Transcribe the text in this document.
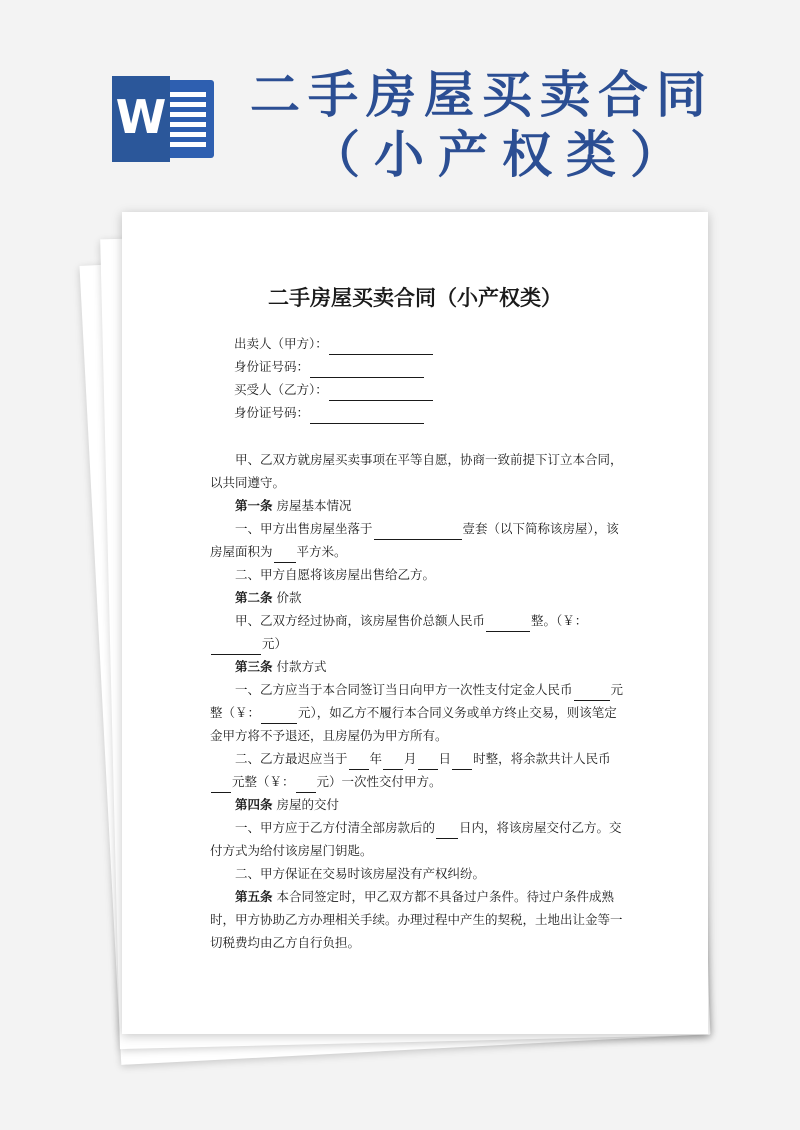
W 二手房屋买卖合同
（小产权类）
二手房屋买卖合同（小产权类）
出卖人（甲方）：
身份证号码：
买受人（乙方）：
身份证号码：

甲、乙双方就房屋买卖事项在平等自愿，协商一致前提下订立本合同，以共同遵守。

第一条 房屋基本情况

一、甲方出售房屋坐落于	壹套（以下简称该房屋），该房屋面积为 平方米。

二、甲方自愿将该房屋出售给乙方。

第二条 价款

甲、乙双方经过协商，该房屋售价总额人民币	整。（￥：元）

第三条 付款方式

一、乙方应当于本合同签订当日向甲方一次性支付定金人民币	元整（￥：	元），如乙方不履行本合同义务或单方终止交易，则该笔定金甲方将不予退还，且房屋仍为甲方所有。

二、乙方最迟应当于 年 月 日 时整，将余款共计人民币元整（￥： 元）一次性交付甲方。

第四条 房屋的交付

一、甲方应于乙方付清全部房款后的 日内，将该房屋交付乙方。交付方式为给付该房屋门钥匙。

二、甲方保证在交易时该房屋没有产权纠纷。

第五条 本合同签定时，甲乙双方都不具备过户条件。待过户条件成熟时，甲方协助乙方办理相关手续。办理过程中产生的契税，土地出让金等一切税费均由乙方自行负担。
